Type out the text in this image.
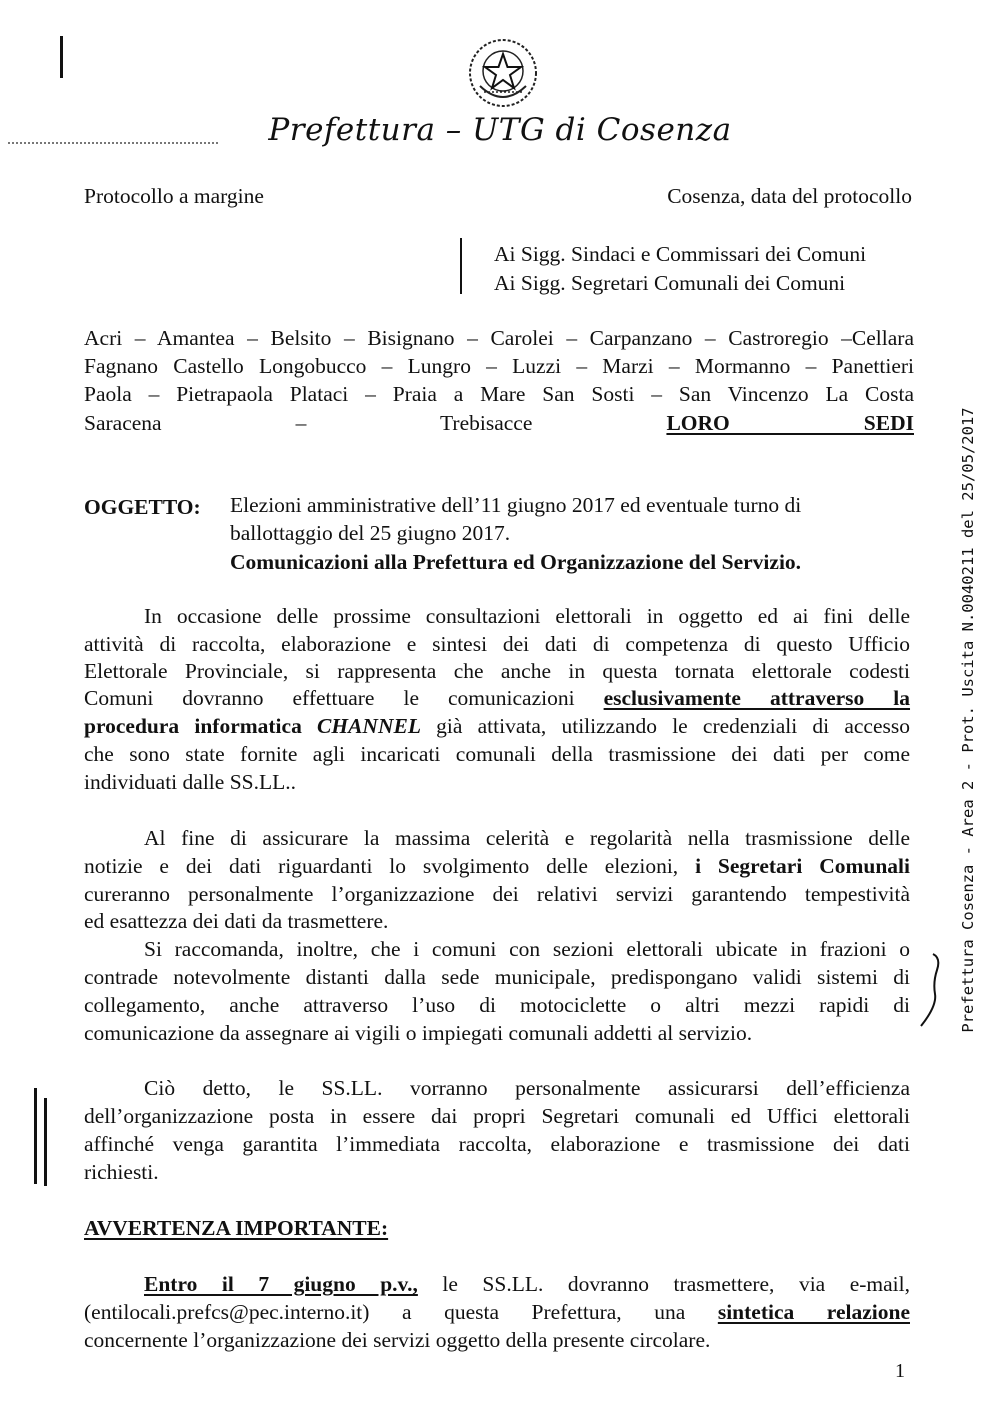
Prefettura – UTG di Cosenza
Protocollo a margine	Cosenza, data del protocollo
Ai Sigg. Sindaci e Commissari dei Comuni
Ai Sigg. Segretari Comunali dei Comuni
Acri – Amantea – Belsito – Bisignano – Carolei – Carpanzano – Castroregio –Cellara
Fagnano Castello Longobucco – Lungro – Luzzi – Marzi – Mormanno – Panettieri
Paola – Pietrapaola Plataci – Praia a Mare San Sosti – San Vincenzo La Costa
Saracena – Trebisacce	LORO SEDI
OGGETTO: Elezioni amministrative dell’11 giugno 2017 ed eventuale turno di
ballottaggio del 25 giugno 2017.
Comunicazioni alla Prefettura ed Organizzazione del Servizio.
In occasione delle prossime consultazioni elettorali in oggetto ed ai fini delle
attività di raccolta, elaborazione e sintesi dei dati di competenza di questo Ufficio
Elettorale Provinciale, si rappresenta che anche in questa tornata elettorale codesti
Comuni dovranno effettuare le comunicazioni esclusivamente attraverso la
procedura informatica CHANNEL già attivata, utilizzando le credenziali di accesso
che sono state fornite agli incaricati comunali della trasmissione dei dati per come
individuati dalle SS.LL..
Al fine di assicurare la massima celerità e regolarità nella trasmissione delle
notizie e dei dati riguardanti lo svolgimento delle elezioni, i Segretari Comunali
cureranno personalmente l’organizzazione dei relativi servizi garantendo tempestività
ed esattezza dei dati da trasmettere.
Si raccomanda, inoltre, che i comuni con sezioni elettorali ubicate in frazioni o
contrade notevolmente distanti dalla sede municipale, predispongano validi sistemi di
collegamento, anche attraverso l’uso di motociclette o altri mezzi rapidi di
comunicazione da assegnare ai vigili o impiegati comunali addetti al servizio.
Ciò detto, le SS.LL. vorranno personalmente assicurarsi dell’efficienza
dell’organizzazione posta in essere dai propri Segretari comunali ed Uffici elettorali
affinché venga garantita l’immediata raccolta, elaborazione e trasmissione dei dati
richiesti.
AVVERTENZA IMPORTANTE:
Entro il 7 giugno p.v., le SS.LL. dovranno trasmettere, via e-mail,
(entilocali.prefcs@pec.interno.it) a questa Prefettura, una sintetica relazione
concernente l’organizzazione dei servizi oggetto della presente circolare.
1
Prefettura Cosenza - Area 2 - Prot. Uscita N.0040211 del 25/05/2017
